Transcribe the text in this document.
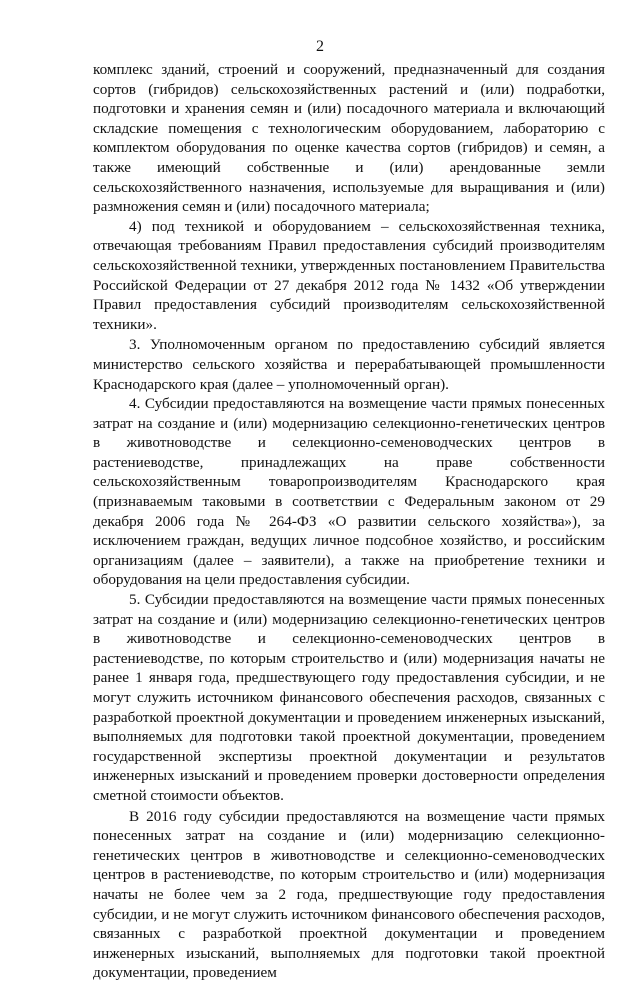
2

комплекс зданий, строений и сооружений, предназначенный для создания сортов (гибридов) сельскохозяйственных растений и (или) подработки, подготовки и хранения семян и (или) посадочного материала и включающий складские помещения с технологическим оборудованием, лабораторию с комплектом оборудования по оценке качества сортов (гибридов) и семян, а также имеющий собственные и (или) арендованные земли сельскохозяйственного назначения, используемые для выращивания и (или) размножения семян и (или) посадочного материала;

4) под техникой и оборудованием – сельскохозяйственная техника, отвечающая требованиям Правил предоставления субсидий производителям сельскохозяйственной техники, утвержденных постановлением Правительства Российской Федерации от 27 декабря 2012 года № 1432 «Об утверждении Правил предоставления субсидий производителям сельскохозяйственной техники».

3. Уполномоченным органом по предоставлению субсидий является министерство сельского хозяйства и перерабатывающей промышленности Краснодарского края (далее – уполномоченный орган).

4. Субсидии предоставляются на возмещение части прямых понесенных затрат на создание и (или) модернизацию селекционно-генетических центров в животноводстве и селекционно-семеноводческих центров в растениеводстве, принадлежащих на праве собственности сельскохозяйственным товаропроизводителям Краснодарского края (признаваемым таковыми в соответствии с Федеральным законом от 29 декабря 2006 года № 264-ФЗ «О развитии сельского хозяйства»), за исключением граждан, ведущих личное подсобное хозяйство, и российским организациям (далее – заявители), а также на приобретение техники и оборудования на цели предоставления субсидии.

5. Субсидии предоставляются на возмещение части прямых понесенных затрат на создание и (или) модернизацию селекционно-генетических центров в животноводстве и селекционно-семеноводческих центров в растениеводстве, по которым строительство и (или) модернизация начаты не ранее 1 января года, предшествующего году предоставления субсидии, и не могут служить источником финансового обеспечения расходов, связанных с разработкой проектной документации и проведением инженерных изысканий, выполняемых для подготовки такой проектной документации, проведением государственной экспертизы проектной документации и результатов инженерных изысканий и проведением проверки достоверности определения сметной стоимости объектов.

В 2016 году субсидии предоставляются на возмещение части прямых понесенных затрат на создание и (или) модернизацию селекционно-генетических центров в животноводстве и селекционно-семеноводческих центров в растениеводстве, по которым строительство и (или) модернизация начаты не более чем за 2 года, предшествующие году предоставления субсидии, и не могут служить источником финансового обеспечения расходов, связанных с разработкой проектной документации и проведением инженерных изысканий, выполняемых для подготовки такой проектной документации, проведением
